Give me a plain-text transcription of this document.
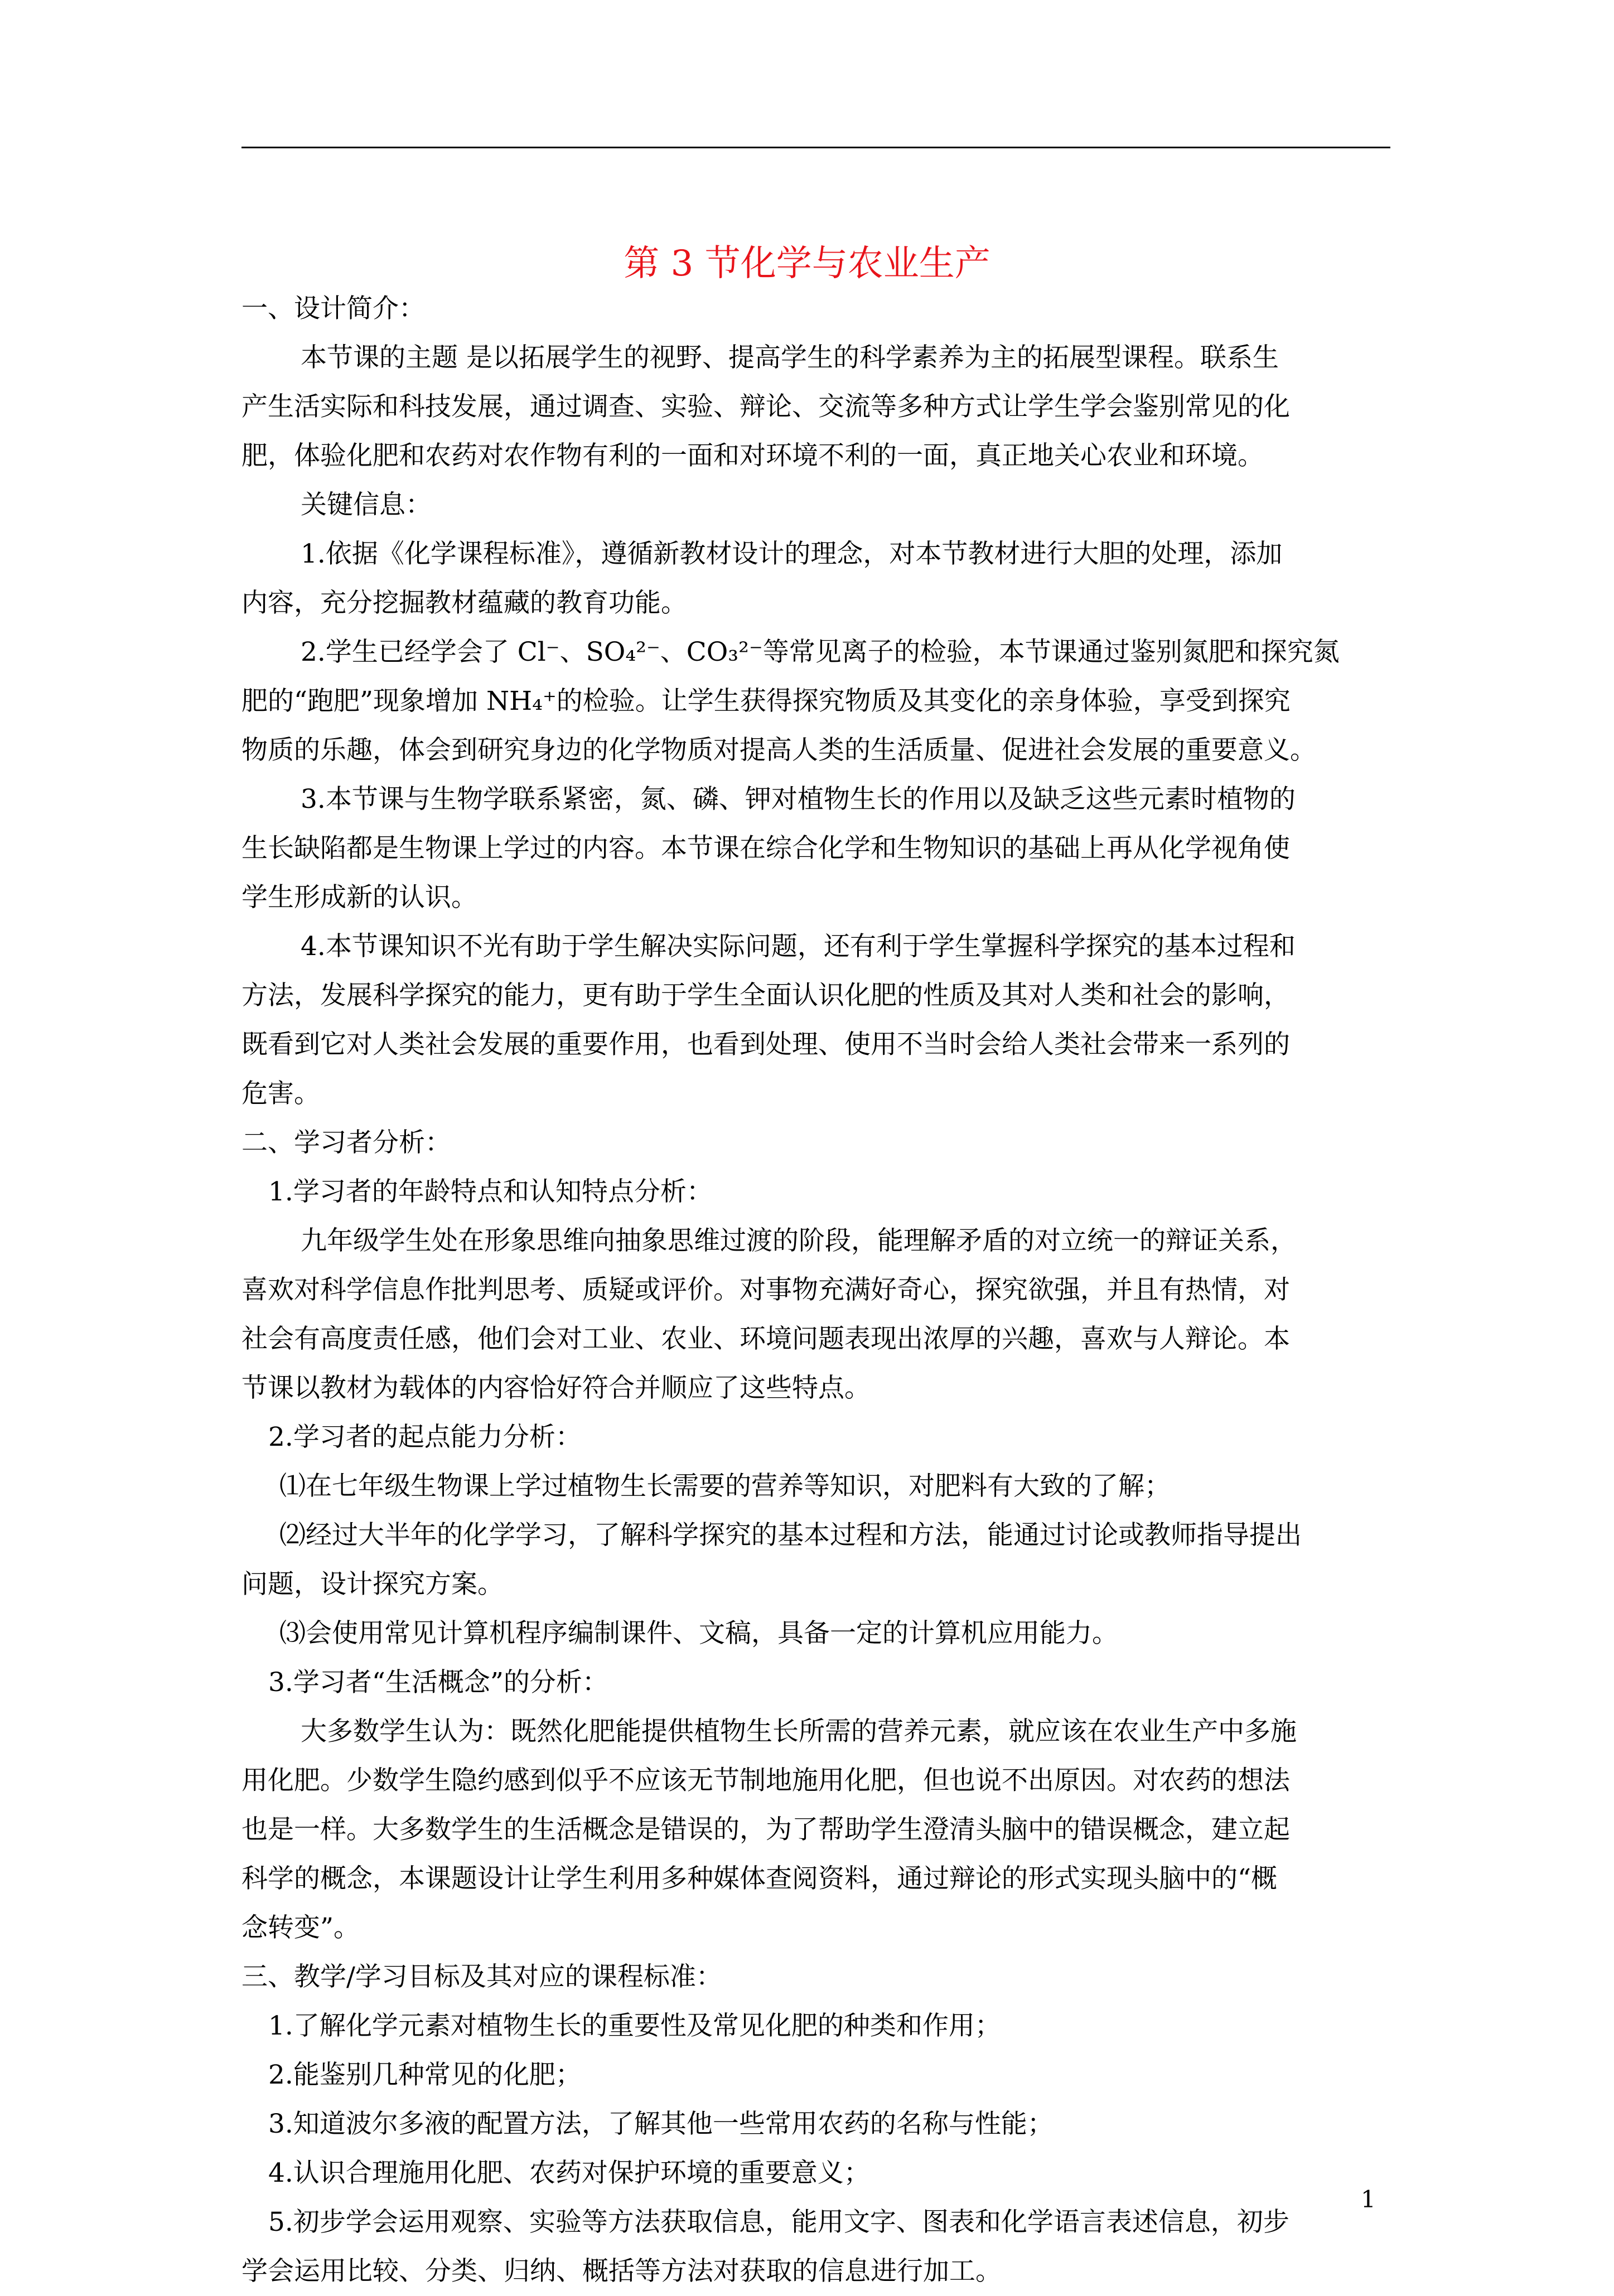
第 3 节化学与农业生产
一、设计简介：
本节课的主题 是以拓展学生的视野、提高学生的科学素养为主的拓展型课程。联系生
产生活实际和科技发展，通过调查、实验、辩论、交流等多种方式让学生学会鉴别常见的化
肥，体验化肥和农药对农作物有利的一面和对环境不利的一面，真正地关心农业和环境。
关键信息：
1.依据《化学课程标准》，遵循新教材设计的理念，对本节教材进行大胆的处理，添加
内容，充分挖掘教材蕴藏的教育功能。
2.学生已经学会了 Cl⁻、SO₄²⁻、CO₃²⁻等常见离子的检验，本节课通过鉴别氮肥和探究氮
肥的“跑肥”现象增加 NH₄⁺的检验。让学生获得探究物质及其变化的亲身体验，享受到探究
物质的乐趣，体会到研究身边的化学物质对提高人类的生活质量、促进社会发展的重要意义。
3.本节课与生物学联系紧密，氮、磷、钾对植物生长的作用以及缺乏这些元素时植物的
生长缺陷都是生物课上学过的内容。本节课在综合化学和生物知识的基础上再从化学视角使
学生形成新的认识。
4.本节课知识不光有助于学生解决实际问题，还有利于学生掌握科学探究的基本过程和
方法，发展科学探究的能力，更有助于学生全面认识化肥的性质及其对人类和社会的影响，
既看到它对人类社会发展的重要作用，也看到处理、使用不当时会给人类社会带来一系列的
危害。
二、学习者分析：
1.学习者的年龄特点和认知特点分析：
九年级学生处在形象思维向抽象思维过渡的阶段，能理解矛盾的对立统一的辩证关系，
喜欢对科学信息作批判思考、质疑或评价。对事物充满好奇心，探究欲强，并且有热情，对
社会有高度责任感，他们会对工业、农业、环境问题表现出浓厚的兴趣，喜欢与人辩论。本
节课以教材为载体的内容恰好符合并顺应了这些特点。
2.学习者的起点能力分析：
⑴在七年级生物课上学过植物生长需要的营养等知识，对肥料有大致的了解；
⑵经过大半年的化学学习，了解科学探究的基本过程和方法，能通过讨论或教师指导提出
问题，设计探究方案。
⑶会使用常见计算机程序编制课件、文稿，具备一定的计算机应用能力。
3.学习者“生活概念”的分析：
大多数学生认为：既然化肥能提供植物生长所需的营养元素，就应该在农业生产中多施
用化肥。少数学生隐约感到似乎不应该无节制地施用化肥，但也说不出原因。对农药的想法
也是一样。大多数学生的生活概念是错误的，为了帮助学生澄清头脑中的错误概念，建立起
科学的概念，本课题设计让学生利用多种媒体查阅资料，通过辩论的形式实现头脑中的“概
念转变”。
三、教学/学习目标及其对应的课程标准：
1.了解化学元素对植物生长的重要性及常见化肥的种类和作用；
2.能鉴别几种常见的化肥；
3.知道波尔多液的配置方法，了解其他一些常用农药的名称与性能；
4.认识合理施用化肥、农药对保护环境的重要意义；
5.初步学会运用观察、实验等方法获取信息，能用文字、图表和化学语言表述信息，初步
学会运用比较、分类、归纳、概括等方法对获取的信息进行加工。
1
